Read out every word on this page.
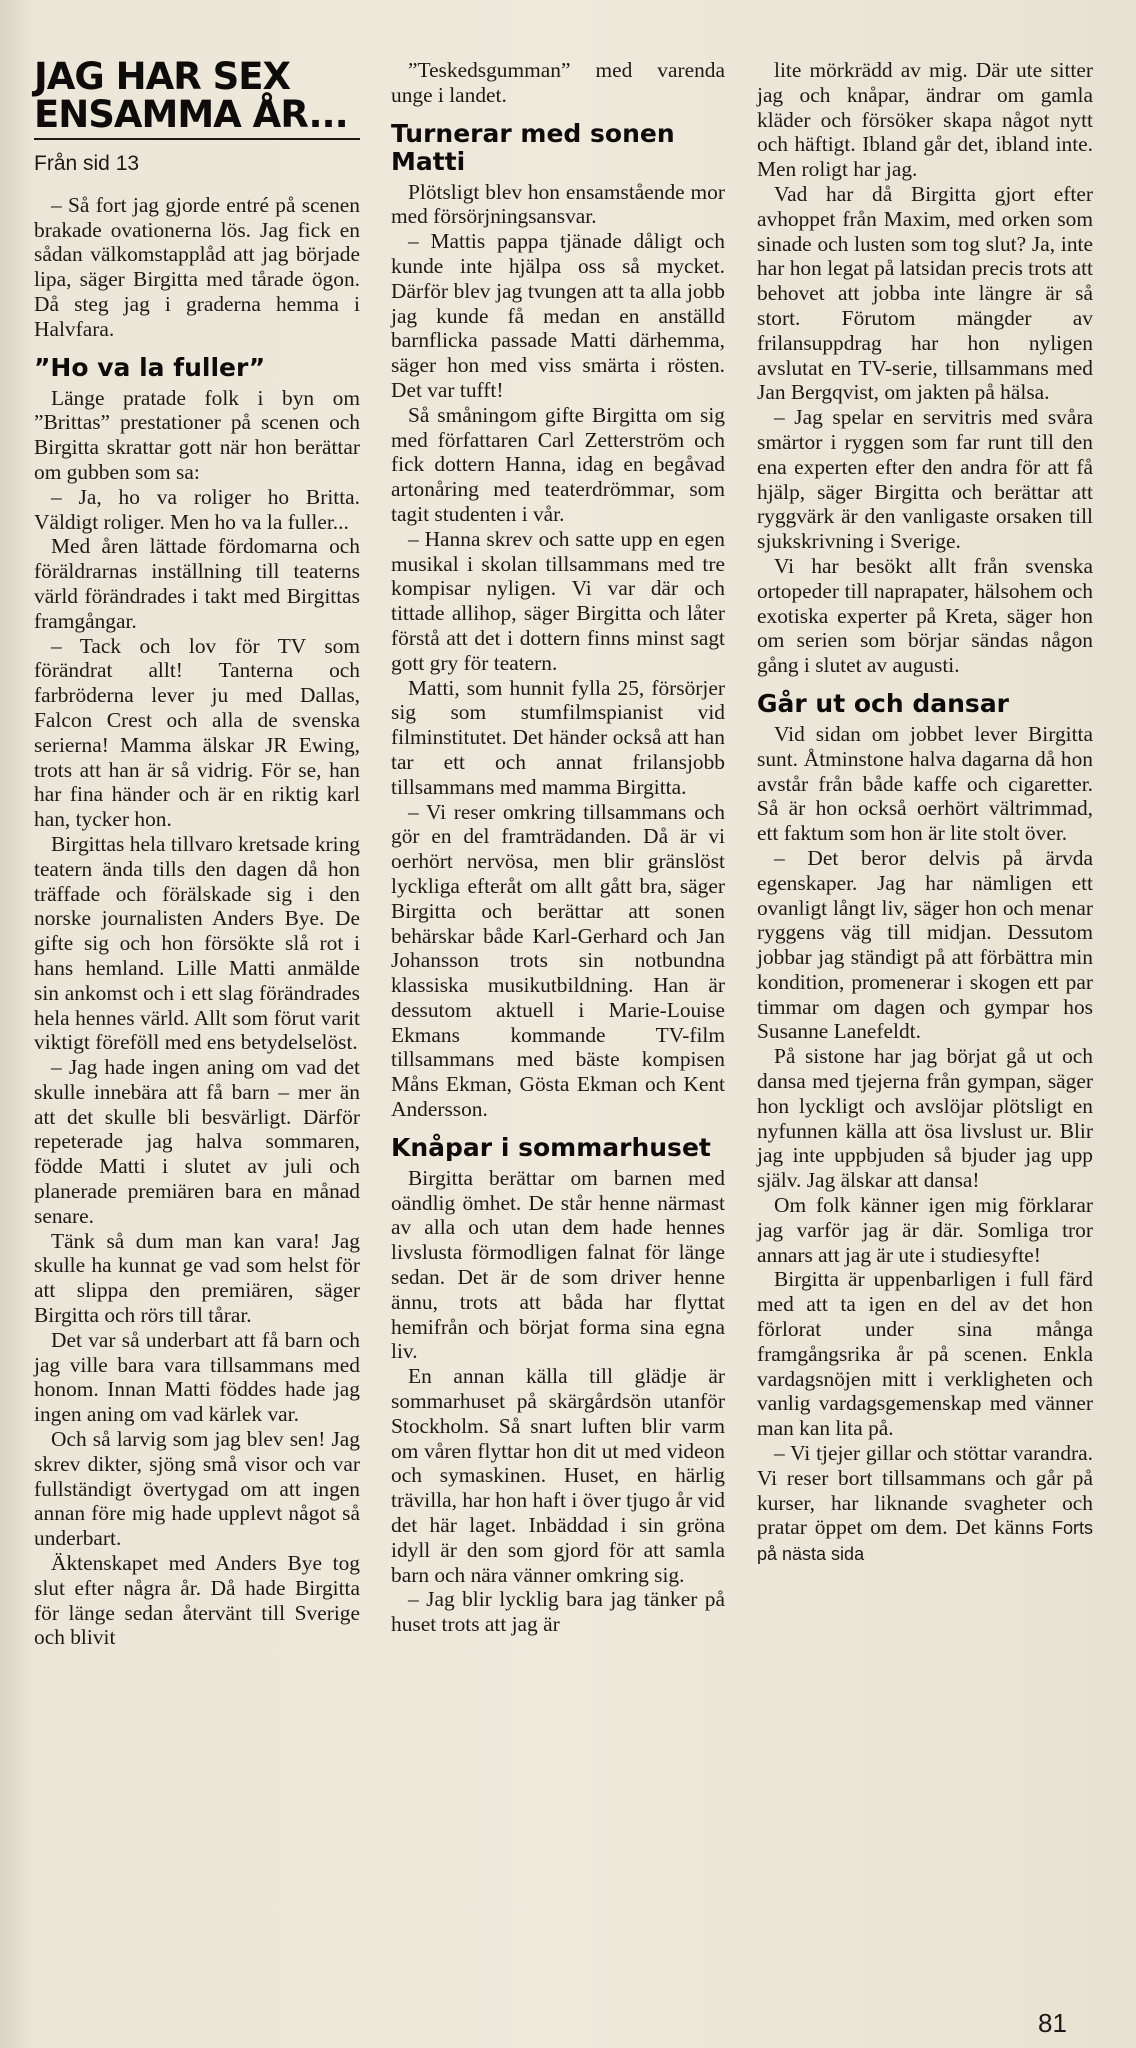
JAG HAR SEX ENSAMMA ÅR...
Från sid 13

– Så fort jag gjorde entré på scenen brakade ovationerna lös. Jag fick en sådan välkomstapplåd att jag började lipa, säger Birgitta med tårade ögon. Då steg jag i graderna hemma i Halvfara.

”Ho va la fuller”

Länge pratade folk i byn om ”Brittas” prestationer på scenen och Birgitta skrattar gott när hon berättar om gubben som sa:

– Ja, ho va roliger ho Britta. Väldigt roliger. Men ho va la fuller...

Med åren lättade fördomarna och föräldrarnas inställning till teaterns värld förändrades i takt med Birgittas framgångar.

– Tack och lov för TV som förändrat allt! Tanterna och farbröderna lever ju med Dallas, Falcon Crest och alla de svenska serierna! Mamma älskar JR Ewing, trots att han är så vidrig. För se, han har fina händer och är en riktig karl han, tycker hon.

Birgittas hela tillvaro kretsade kring teatern ända tills den dagen då hon träffade och förälskade sig i den norske journalisten Anders Bye. De gifte sig och hon försökte slå rot i hans hemland. Lille Matti anmälde sin ankomst och i ett slag förändrades hela hennes värld. Allt som förut varit viktigt föreföll med ens betydelselöst.

– Jag hade ingen aning om vad det skulle innebära att få barn – mer än att det skulle bli besvärligt. Därför repeterade jag halva sommaren, födde Matti i slutet av juli och planerade premiären bara en månad senare.

Tänk så dum man kan vara! Jag skulle ha kunnat ge vad som helst för att slippa den premiären, säger Birgitta och rörs till tårar.

Det var så underbart att få barn och jag ville bara vara tillsammans med honom. Innan Matti föddes hade jag ingen aning om vad kärlek var.

Och så larvig som jag blev sen! Jag skrev dikter, sjöng små visor och var fullständigt övertygad om att ingen annan före mig hade upplevt något så underbart.

Äktenskapet med Anders Bye tog slut efter några år. Då hade Birgitta för länge sedan återvänt till Sverige och blivit

”Teskedsgumman” med varenda unge i landet.

Turnerar med sonen Matti

Plötsligt blev hon ensamstående mor med försörjningsansvar.

– Mattis pappa tjänade dåligt och kunde inte hjälpa oss så mycket. Därför blev jag tvungen att ta alla jobb jag kunde få medan en anställd barnflicka passade Matti därhemma, säger hon med viss smärta i rösten. Det var tufft!

Så småningom gifte Birgitta om sig med författaren Carl Zetterström och fick dottern Hanna, idag en begåvad artonåring med teaterdrömmar, som tagit studenten i vår.

– Hanna skrev och satte upp en egen musikal i skolan tillsammans med tre kompisar nyligen. Vi var där och tittade allihop, säger Birgitta och låter förstå att det i dottern finns minst sagt gott gry för teatern.

Matti, som hunnit fylla 25, försörjer sig som stumfilmspianist vid filminstitutet. Det händer också att han tar ett och annat frilansjobb tillsammans med mamma Birgitta.

– Vi reser omkring tillsammans och gör en del framträdanden. Då är vi oerhört nervösa, men blir gränslöst lyckliga efteråt om allt gått bra, säger Birgitta och berättar att sonen behärskar både Karl-Gerhard och Jan Johansson trots sin notbundna klassiska musikutbildning. Han är dessutom aktuell i Marie-Louise Ekmans kommande TV-film tillsammans med bäste kompisen Måns Ekman, Gösta Ekman och Kent Andersson.

Knåpar i sommarhuset

Birgitta berättar om barnen med oändlig ömhet. De står henne närmast av alla och utan dem hade hennes livslusta förmodligen falnat för länge sedan. Det är de som driver henne ännu, trots att båda har flyttat hemifrån och börjat forma sina egna liv.

En annan källa till glädje är sommarhuset på skärgårdsön utanför Stockholm. Så snart luften blir varm om våren flyttar hon dit ut med videon och symaskinen. Huset, en härlig trävilla, har hon haft i över tjugo år vid det här laget. Inbäddad i sin gröna idyll är den som gjord för att samla barn och nära vänner omkring sig.

– Jag blir lycklig bara jag tänker på huset trots att jag är

lite mörkrädd av mig. Där ute sitter jag och knåpar, ändrar om gamla kläder och försöker skapa något nytt och häftigt. Ibland går det, ibland inte. Men roligt har jag.

Vad har då Birgitta gjort efter avhoppet från Maxim, med orken som sinade och lusten som tog slut? Ja, inte har hon legat på latsidan precis trots att behovet att jobba inte längre är så stort. Förutom mängder av frilansuppdrag har hon nyligen avslutat en TV-serie, tillsammans med Jan Bergqvist, om jakten på hälsa.

– Jag spelar en servitris med svåra smärtor i ryggen som far runt till den ena experten efter den andra för att få hjälp, säger Birgitta och berättar att ryggvärk är den vanligaste orsaken till sjukskrivning i Sverige.

Vi har besökt allt från svenska ortopeder till naprapater, hälsohem och exotiska experter på Kreta, säger hon om serien som börjar sändas någon gång i slutet av augusti.

Går ut och dansar

Vid sidan om jobbet lever Birgitta sunt. Åtminstone halva dagarna då hon avstår från både kaffe och cigaretter. Så är hon också oerhört vältrimmad, ett faktum som hon är lite stolt över.

– Det beror delvis på ärvda egenskaper. Jag har nämligen ett ovanligt långt liv, säger hon och menar ryggens väg till midjan. Dessutom jobbar jag ständigt på att förbättra min kondition, promenerar i skogen ett par timmar om dagen och gympar hos Susanne Lanefeldt.

På sistone har jag börjat gå ut och dansa med tjejerna från gympan, säger hon lyckligt och avslöjar plötsligt en nyfunnen källa att ösa livslust ur. Blir jag inte uppbjuden så bjuder jag upp själv. Jag älskar att dansa!

Om folk känner igen mig förklarar jag varför jag är där. Somliga tror annars att jag är ute i studiesyfte!

Birgitta är uppenbarligen i full färd med att ta igen en del av det hon förlorat under sina många framgångsrika år på scenen. Enkla vardagsnöjen mitt i verkligheten och vanlig vardagsgemenskap med vänner man kan lita på.

– Vi tjejer gillar och stöttar varandra. Vi reser bort tillsammans och går på kurser, har liknande svagheter och pratar öppet om dem. Det känns Forts på nästa sida

81
